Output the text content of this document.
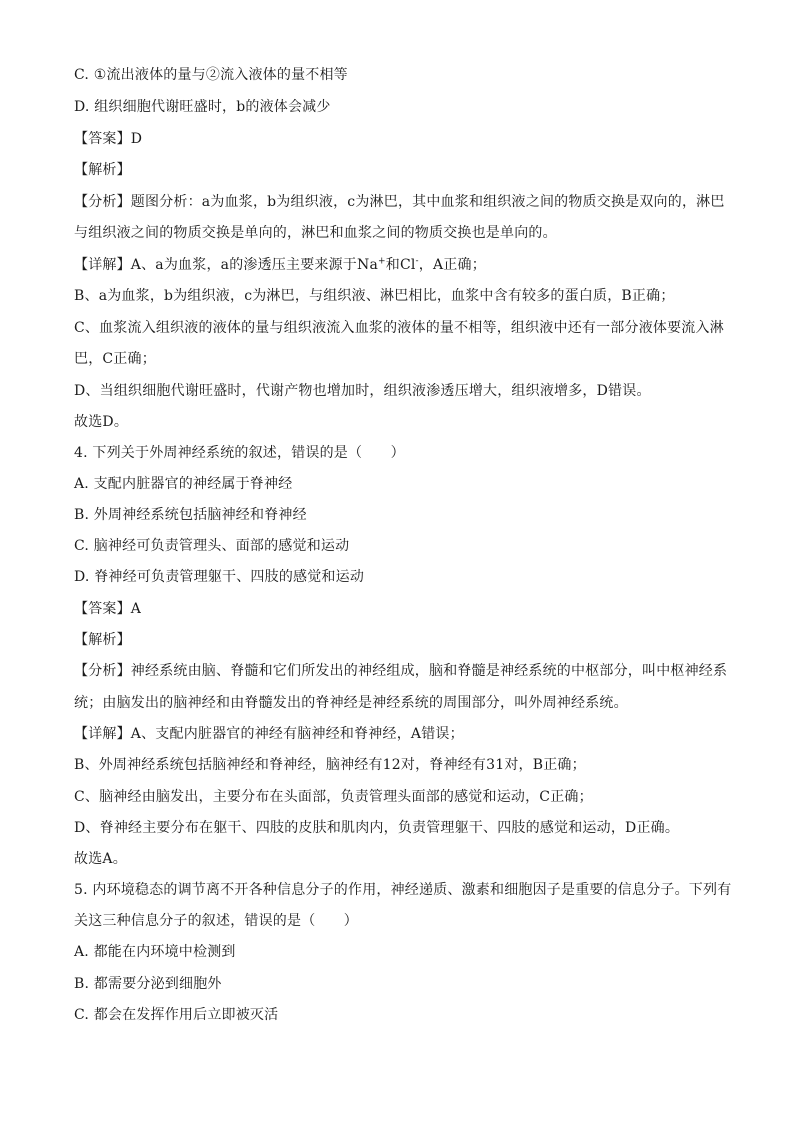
C. ①流出液体的量与②流入液体的量不相等
D. 组织细胞代谢旺盛时，b的液体会减少
【答案】D
【解析】
【分析】题图分析：a为血浆，b为组织液，c为淋巴，其中血浆和组织液之间的物质交换是双向的，淋巴
与组织液之间的物质交换是单向的，淋巴和血浆之间的物质交换也是单向的。
【详解】A、a为血浆，a的渗透压主要来源于Na+和Cl-，A正确；
B、a为血浆，b为组织液，c为淋巴，与组织液、淋巴相比，血浆中含有较多的蛋白质，B正确；
C、血浆流入组织液的液体的量与组织液流入血浆的液体的量不相等，组织液中还有一部分液体要流入淋
巴，C正确；
D、当组织细胞代谢旺盛时，代谢产物也增加时，组织液渗透压增大，组织液增多，D错误。
故选D。
4. 下列关于外周神经系统的叙述，错误的是（　　）
A. 支配内脏器官的神经属于脊神经
B. 外周神经系统包括脑神经和脊神经
C. 脑神经可负责管理头、面部的感觉和运动
D. 脊神经可负责管理躯干、四肢的感觉和运动
【答案】A
【解析】
【分析】神经系统由脑、脊髓和它们所发出的神经组成，脑和脊髓是神经系统的中枢部分，叫中枢神经系
统；由脑发出的脑神经和由脊髓发出的脊神经是神经系统的周围部分，叫外周神经系统。
【详解】A、支配内脏器官的神经有脑神经和脊神经，A错误；
B、外周神经系统包括脑神经和脊神经，脑神经有12对，脊神经有31对，B正确；
C、脑神经由脑发出，主要分布在头面部，负责管理头面部的感觉和运动，C正确；
D、脊神经主要分布在躯干、四肢的皮肤和肌肉内，负责管理躯干、四肢的感觉和运动，D正确。
故选A。
5. 内环境稳态的调节离不开各种信息分子的作用，神经递质、激素和细胞因子是重要的信息分子。下列有
关这三种信息分子的叙述，错误的是（　　）
A. 都能在内环境中检测到
B. 都需要分泌到细胞外
C. 都会在发挥作用后立即被灭活
